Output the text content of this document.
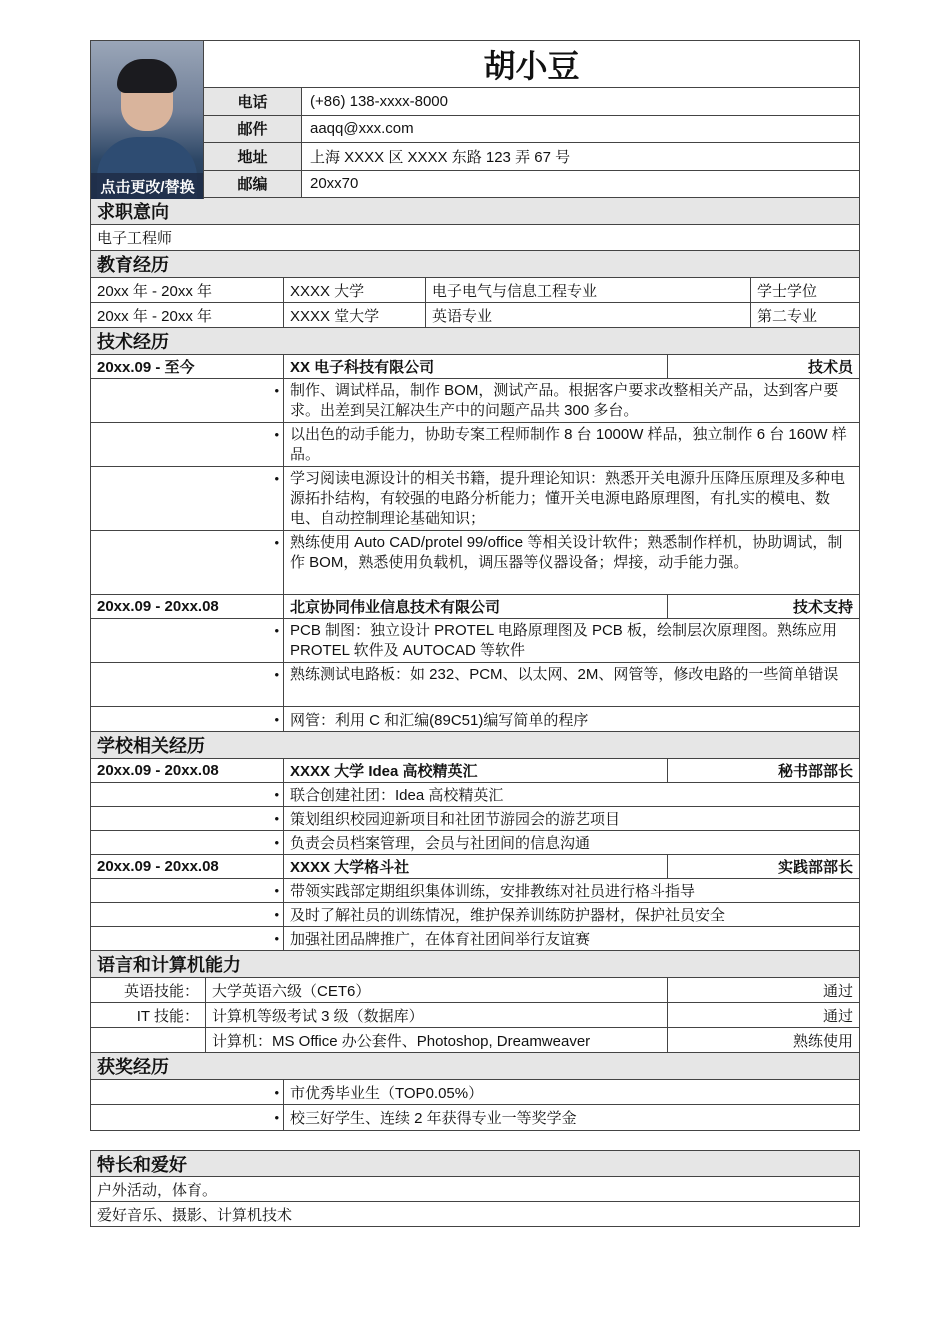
点击更改/替换
胡小豆
电话	(+86) 138-xxxx-8000
邮件	aaqq@xxx.com
地址	上海 XXXX 区 XXXX 东路 123 弄 67 号
邮编	20xx70
求职意向
电子工程师
教育经历
20xx 年 - 20xx 年	XXXX 大学	电子电气与信息工程专业	学士学位
20xx 年 - 20xx 年	XXXX 堂大学	英语专业	第二专业
技术经历
20xx.09 - 至今	XX 电子科技有限公司	技术员
• 制作、调试样品，制作 BOM，测试产品。根据客户要求改整相关产品，达到客户要求。出差到吴江解决生产中的问题产品共 300 多台。
• 以出色的动手能力，协助专案工程师制作 8 台 1000W 样品，独立制作 6 台 160W 样品。
• 学习阅读电源设计的相关书籍，提升理论知识：熟悉开关电源升压降压原理及多种电源拓扑结构，有较强的电路分析能力；懂开关电源电路原理图，有扎实的模电、数电、自动控制理论基础知识；
• 熟练使用 Auto CAD/protel 99/office 等相关设计软件；熟悉制作样机，协助调试，制作 BOM，熟悉使用负载机，调压器等仪器设备；焊接，动手能力强。
20xx.09 - 20xx.08	北京协同伟业信息技术有限公司	技术支持
• PCB 制图：独立设计 PROTEL 电路原理图及 PCB 板，绘制层次原理图。熟练应用 PROTEL 软件及 AUTOCAD 等软件
• 熟练测试电路板：如 232、PCM、以太网、2M、网管等，修改电路的一些简单错误
• 网管：利用 C 和汇编(89C51)编写简单的程序
学校相关经历
20xx.09 - 20xx.08	XXXX 大学 Idea 高校精英汇	秘书部部长
• 联合创建社团：Idea 高校精英汇
• 策划组织校园迎新项目和社团节游园会的游艺项目
• 负责会员档案管理，会员与社团间的信息沟通
20xx.09 - 20xx.08	XXXX 大学格斗社	实践部部长
• 带领实践部定期组织集体训练，安排教练对社员进行格斗指导
• 及时了解社员的训练情况，维护保养训练防护器材，保护社员安全
• 加强社团品牌推广，在体育社团间举行友谊赛
语言和计算机能力
英语技能： 大学英语六级（CET6）	通过
IT 技能： 计算机等级考试 3 级（数据库）	通过
计算机：MS Office 办公套件、Photoshop, Dreamweaver	熟练使用
获奖经历
• 市优秀毕业生（TOP0.05%）
• 校三好学生、连续 2 年获得专业一等奖学金
特长和爱好
户外活动，体育。
爱好音乐、摄影、计算机技术
